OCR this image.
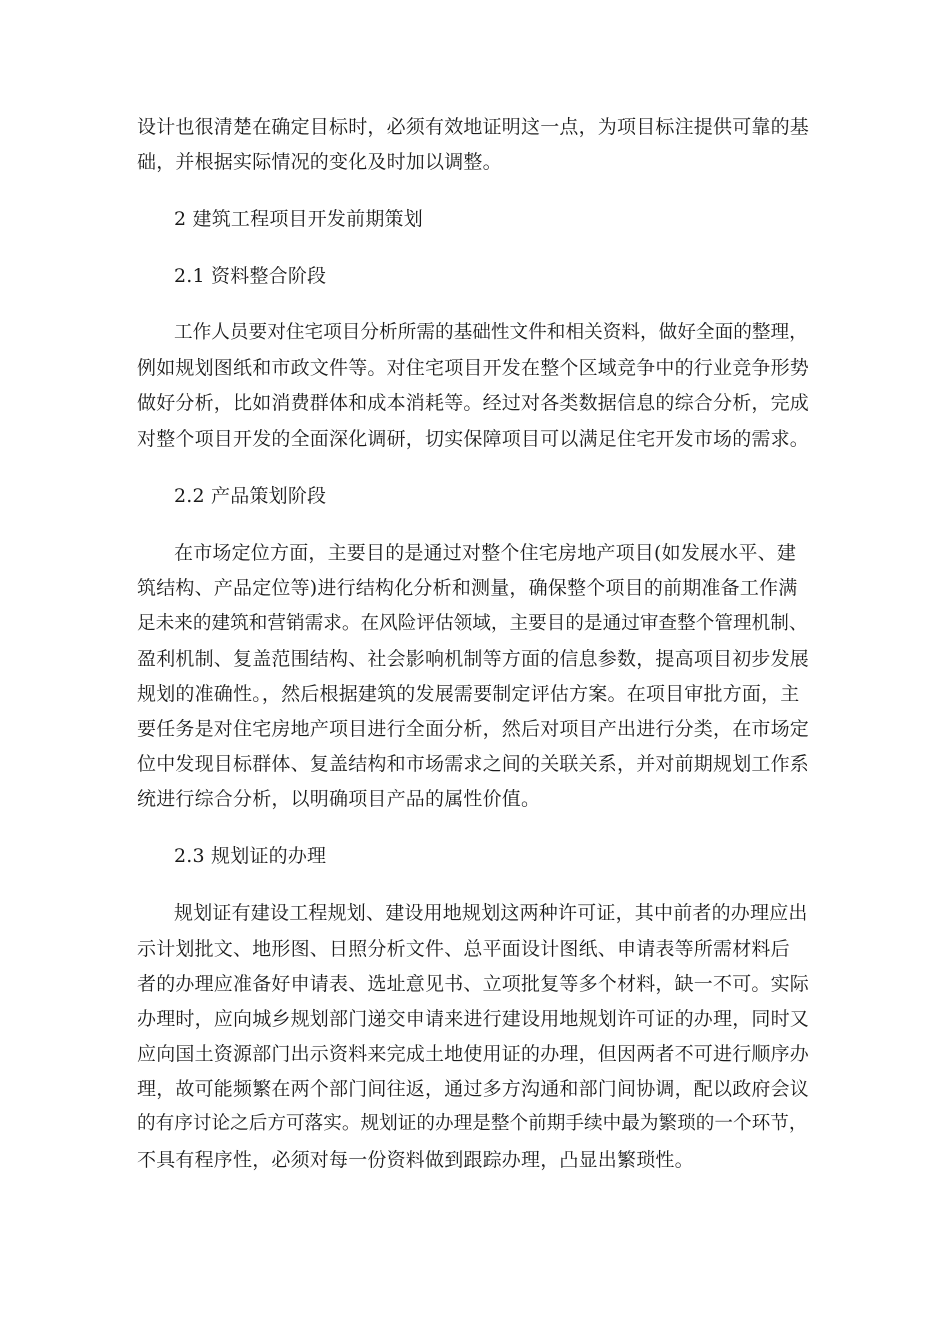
设计也很清楚在确定目标时，必须有效地证明这一点，为项目标注提供可靠的基

础，并根据实际情况的变化及时加以调整。

2 建筑工程项目开发前期策划

2.1 资料整合阶段

工作人员要对住宅项目分析所需的基础性文件和相关资料，做好全面的整理，

例如规划图纸和市政文件等。对住宅项目开发在整个区域竞争中的行业竞争形势

做好分析，比如消费群体和成本消耗等。经过对各类数据信息的综合分析，完成

对整个项目开发的全面深化调研，切实保障项目可以满足住宅开发市场的需求。

2.2 产品策划阶段

在市场定位方面，主要目的是通过对整个住宅房地产项目(如发展水平、建

筑结构、产品定位等)进行结构化分析和测量，确保整个项目的前期准备工作满

足未来的建筑和营销需求。在风险评估领域，主要目的是通过审查整个管理机制、

盈利机制、复盖范围结构、社会影响机制等方面的信息参数，提高项目初步发展

规划的准确性。，然后根据建筑的发展需要制定评估方案。在项目审批方面，主

要任务是对住宅房地产项目进行全面分析，然后对项目产出进行分类，在市场定

位中发现目标群体、复盖结构和市场需求之间的关联关系，并对前期规划工作系

统进行综合分析，以明确项目产品的属性价值。

2.3 规划证的办理

规划证有建设工程规划、建设用地规划这两种许可证，其中前者的办理应出

示计划批文、地形图、日照分析文件、总平面设计图纸、申请表等所需材料后

者的办理应准备好申请表、选址意见书、立项批复等多个材料，缺一不可。实际

办理时，应向城乡规划部门递交申请来进行建设用地规划许可证的办理，同时又

应向国土资源部门出示资料来完成土地使用证的办理，但因两者不可进行顺序办

理，故可能频繁在两个部门间往返，通过多方沟通和部门间协调，配以政府会议

的有序讨论之后方可落实。规划证的办理是整个前期手续中最为繁琐的一个环节，

不具有程序性，必须对每一份资料做到跟踪办理，凸显出繁琐性。
